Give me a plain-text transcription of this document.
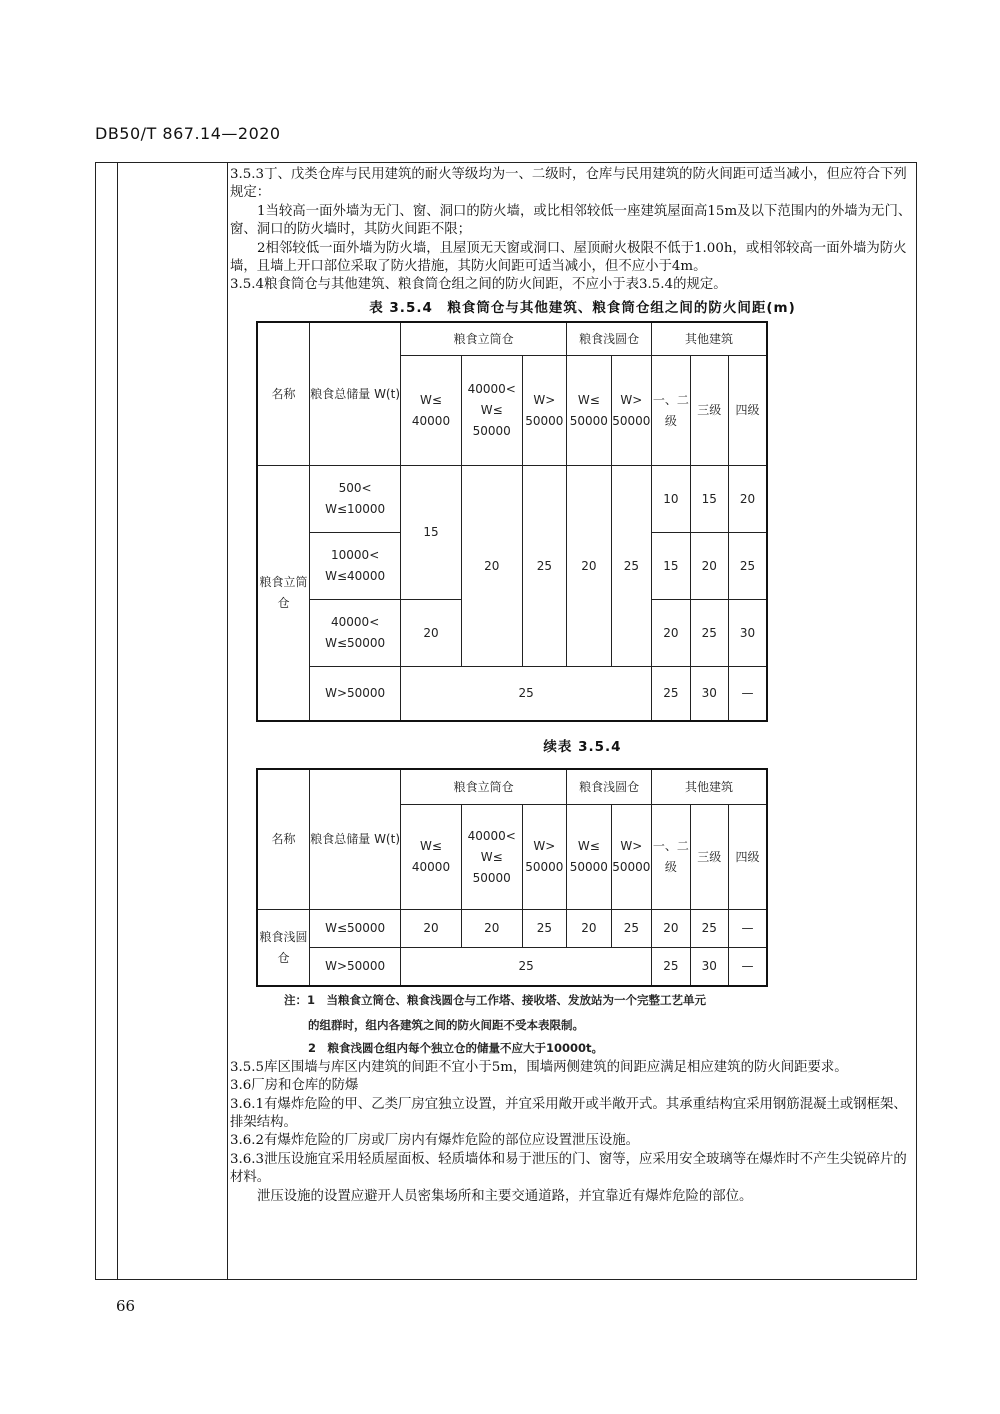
DB50/T 867.14—2020

3.5.3丁、戊类仓库与民用建筑的耐火等级均为一、二级时，仓库与民用建筑的防火间距可适当减小，但应符合下列规定：

1当较高一面外墙为无门、窗、洞口的防火墙，或比相邻较低一座建筑屋面高15m及以下范围内的外墙为无门、窗、洞口的防火墙时，其防火间距不限；

2相邻较低一面外墙为防火墙，且屋顶无天窗或洞口、屋顶耐火极限不低于1.00h，或相邻较高一面外墙为防火墙，且墙上开口部位采取了防火措施，其防火间距可适当减小，但不应小于4m。

3.5.4粮食筒仓与其他建筑、粮食筒仓组之间的防火间距，不应小于表3.5.4的规定。

表 3.5.4　粮食筒仓与其他建筑、粮食筒仓组之间的防火间距(m)
名称	粮食总储量 W(t)	粮食立筒仓			粮食浅圆仓		其他建筑		
		W≤ 40000	40000< W≤ 50000	W> 50000	W≤ 50000	W> 50000	一、二级	三级	四级
粮食立筒仓	500< W≤10000	15	20	25	20	25	10	15	20
	10000< W≤40000						15	20	25
	40000< W≤50000	20					20	25	30
	W>50000	25					25	30	—
续表 3.5.4
名称	粮食总储量 W(t)	粮食立筒仓			粮食浅圆仓		其他建筑		
		W≤ 40000	40000< W≤ 50000	W> 50000	W≤ 50000	W> 50000	一、二级	三级	四级
粮食浅圆仓	W≤50000	20	20	25	20	25	20	25	—
	W>50000	25					25	30	—
注：1　当粮食立筒仓、粮食浅圆仓与工作塔、接收塔、发放站为一个完整工艺单元
的组群时，组内各建筑之间的防火间距不受本表限制。
2　粮食浅圆仓组内每个独立仓的储量不应大于10000t。

3.5.5库区围墙与库区内建筑的间距不宜小于5m，围墙两侧建筑的间距应满足相应建筑的防火间距要求。

3.6厂房和仓库的防爆

3.6.1有爆炸危险的甲、乙类厂房宜独立设置，并宜采用敞开或半敞开式。其承重结构宜采用钢筋混凝土或钢框架、排架结构。

3.6.2有爆炸危险的厂房或厂房内有爆炸危险的部位应设置泄压设施。

3.6.3泄压设施宜采用轻质屋面板、轻质墙体和易于泄压的门、窗等，应采用安全玻璃等在爆炸时不产生尖锐碎片的材料。

泄压设施的设置应避开人员密集场所和主要交通道路，并宜靠近有爆炸危险的部位。

66
